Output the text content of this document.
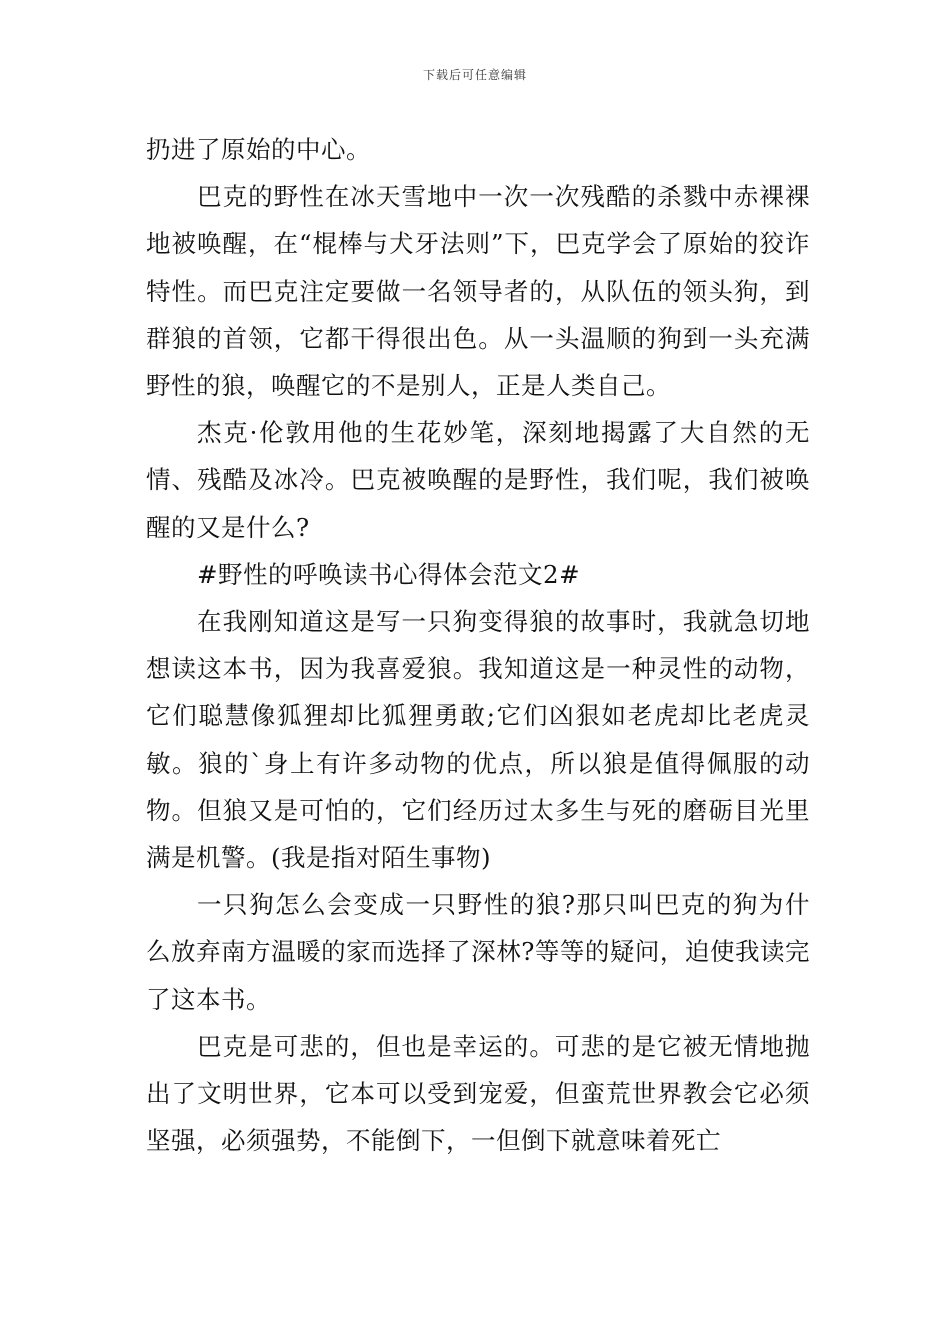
下载后可任意编辑

扔进了原始的中心。

巴克的野性在冰天雪地中一次一次残酷的杀戮中赤裸裸地被唤醒，在“棍棒与犬牙法则”下，巴克学会了原始的狡诈特性。而巴克注定要做一名领导者的，从队伍的领头狗，到群狼的首领，它都干得很出色。从一头温顺的狗到一头充满野性的狼，唤醒它的不是别人，正是人类自己。

杰克·伦敦用他的生花妙笔，深刻地揭露了大自然的无情、残酷及冰冷。巴克被唤醒的是野性，我们呢，我们被唤醒的又是什么?

#野性的呼唤读书心得体会范文2#

在我刚知道这是写一只狗变得狼的故事时，我就急切地想读这本书，因为我喜爱狼。我知道这是一种灵性的动物，它们聪慧像狐狸却比狐狸勇敢;它们凶狠如老虎却比老虎灵敏。狼的`身上有许多动物的优点，所以狼是值得佩服的动物。但狼又是可怕的，它们经历过太多生与死的磨砺目光里满是机警。(我是指对陌生事物)

一只狗怎么会变成一只野性的狼?那只叫巴克的狗为什么放弃南方温暖的家而选择了深林?等等的疑问，迫使我读完了这本书。

巴克是可悲的，但也是幸运的。可悲的是它被无情地抛出了文明世界，它本可以受到宠爱，但蛮荒世界教会它必须坚强，必须强势，不能倒下，一但倒下就意味着死亡
